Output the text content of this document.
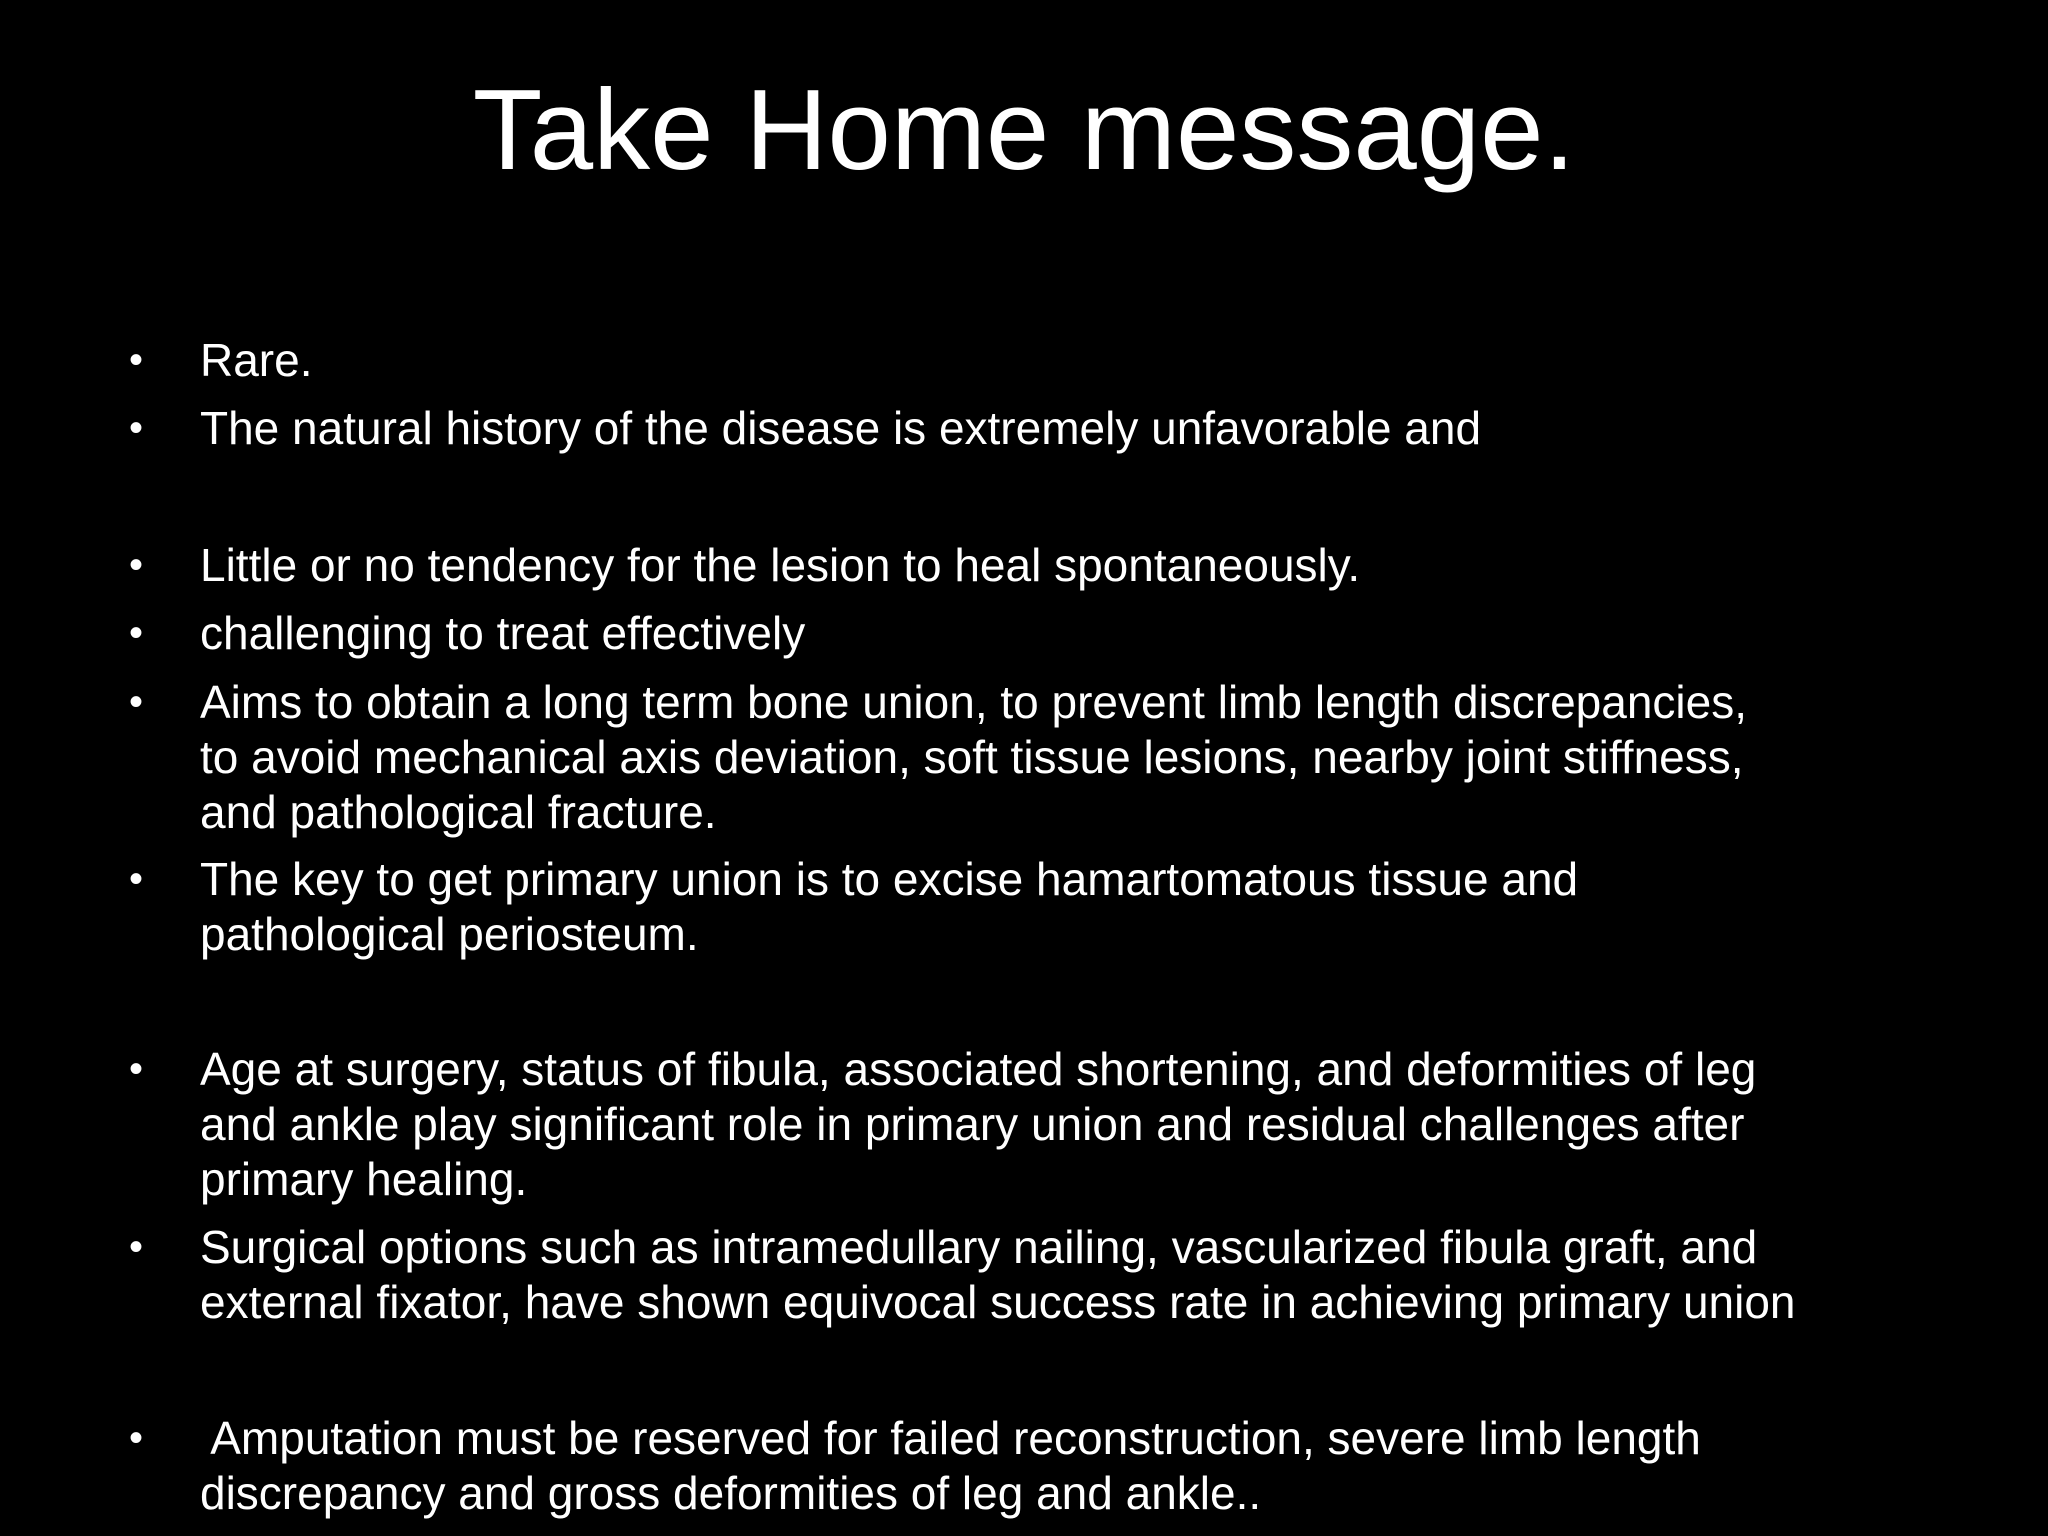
Take Home message.
• Rare.
• The natural history of the disease is extremely unfavorable and
• Little or no tendency for the lesion to heal spontaneously.
• challenging to treat effectively
• Aims to obtain a long term bone union, to prevent limb length discrepancies,
to avoid mechanical axis deviation, soft tissue lesions, nearby joint stiffness,
and pathological fracture.
• The key to get primary union is to excise hamartomatous tissue and
pathological periosteum.
• Age at surgery, status of fibula, associated shortening, and deformities of leg
and ankle play significant role in primary union and residual challenges after
primary healing.
• Surgical options such as intramedullary nailing, vascularized fibula graft, and
external fixator, have shown equivocal success rate in achieving primary union
• Amputation must be reserved for failed reconstruction, severe limb length
discrepancy and gross deformities of leg and ankle..
